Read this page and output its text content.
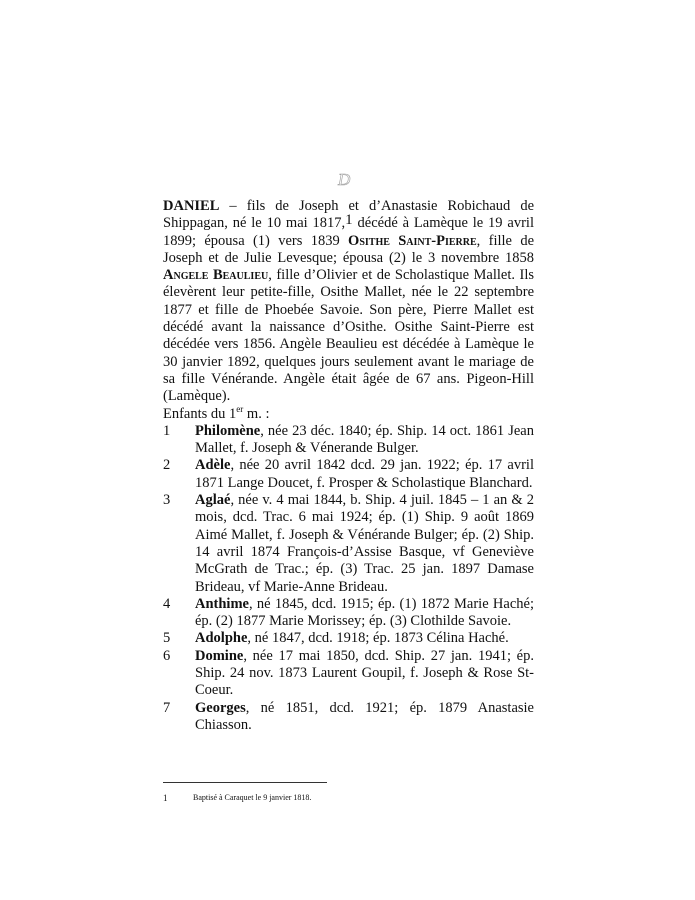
D

DANIEL – fils de Joseph et d’Anastasie Robichaud de Shippagan, né le 10 mai 1817,1 décédé à Lamèque le 19 avril 1899; épousa (1) vers 1839 Osithe Saint-Pierre, fille de Joseph et de Julie Levesque; épousa (2) le 3 novembre 1858 Angele Beaulieu, fille d’Olivier et de Scholastique Mallet. Ils élevèrent leur petite-fille, Osithe Mallet, née le 22 septembre 1877 et fille de Phoebée Savoie. Son père, Pierre Mallet est décédé avant la naissance d’Osithe. Osithe Saint-Pierre est décédée vers 1856. Angèle Beaulieu est décédée à Lamèque le 30 janvier 1892, quelques jours seulement avant le mariage de sa fille Vénérande. Angèle était âgée de 67 ans. Pigeon-Hill (Lamèque).

Enfants du 1er m. :

1	Philomène, née 23 déc. 1840; ép. Ship. 14 oct. 1861 Jean Mallet, f. Joseph & Vénerande Bulger.
2	Adèle, née 20 avril 1842 dcd. 29 jan. 1922; ép. 17 avril 1871 Lange Doucet, f. Prosper & Scholastique Blanchard.
3	Aglaé, née v. 4 mai 1844, b. Ship. 4 juil. 1845 – 1 an & 2 mois, dcd. Trac. 6 mai 1924; ép. (1) Ship. 9 août 1869 Aimé Mallet, f. Joseph & Vénérande Bulger; ép. (2) Ship. 14 avril 1874 François-d’Assise Basque, vf Geneviève McGrath de Trac.; ép. (3) Trac. 25 jan. 1897 Damase Brideau, vf Marie-Anne Brideau.
4	Anthime, né 1845, dcd. 1915; ép. (1) 1872 Marie Haché; ép. (2) 1877 Marie Morissey; ép. (3) Clothilde Savoie.
5	Adolphe, né 1847, dcd. 1918; ép. 1873 Célina Haché.
6	Domine, née 17 mai 1850, dcd. Ship. 27 jan. 1941; ép. Ship. 24 nov. 1873 Laurent Goupil, f. Joseph & Rose St-Coeur.
7	Georges, né 1851, dcd. 1921; ép. 1879 Anastasie Chiasson.
1	Baptisé à Caraquet le 9 janvier 1818.
